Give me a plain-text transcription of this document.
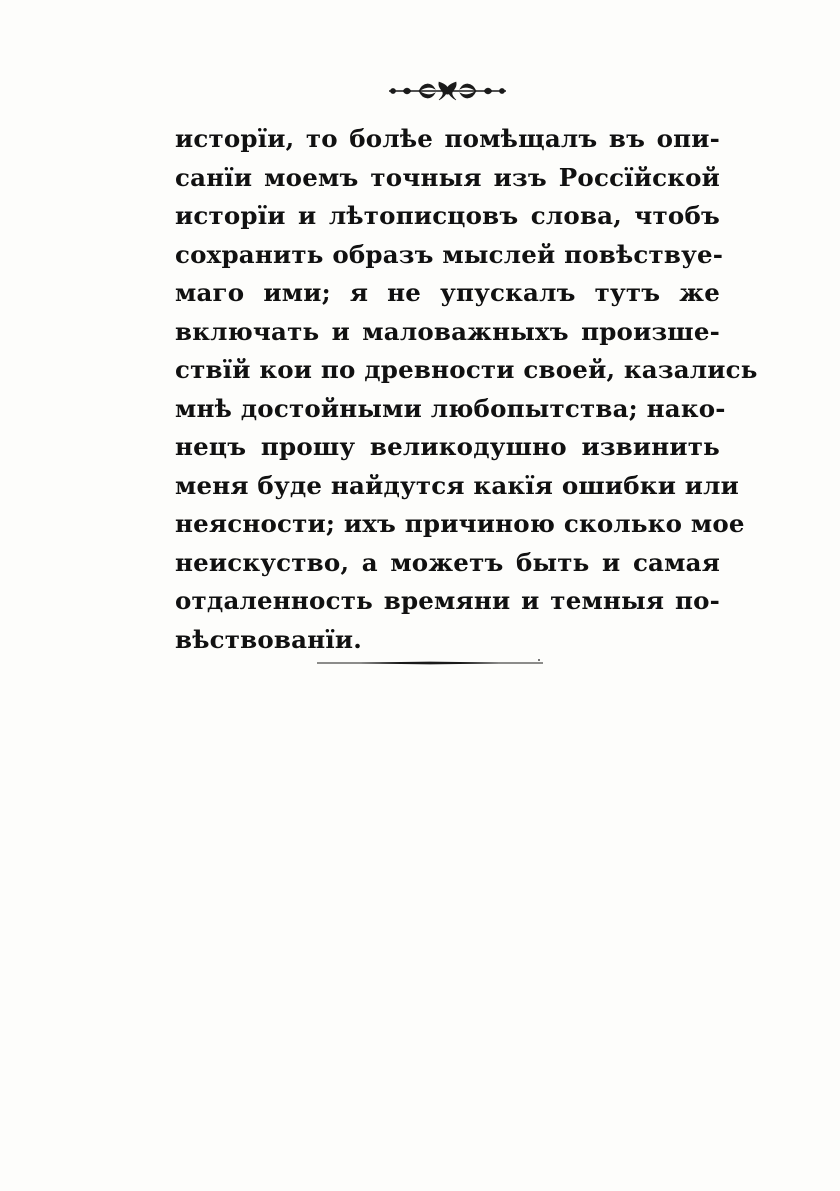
исторïи, то болѣе помѣщалъ въ опи-
санïи моемъ точныя изъ Россïйской
исторïи и лѣтописцовъ слова, чтобъ
сохранить образъ мыслей повѣствуе-
маго ими; я не упускалъ тутъ же
включать и маловажныхъ произше-
ствïй кои по древности своей, казались
мнѣ достойными любопытства; нако-
нецъ прошу великодушно извинить
меня буде найдутся какïя ошибки или
неясности; ихъ причиною сколько мое
неискуство, а можетъ быть и самая
отдаленность времяни и темныя по-
вѣствованïи.
